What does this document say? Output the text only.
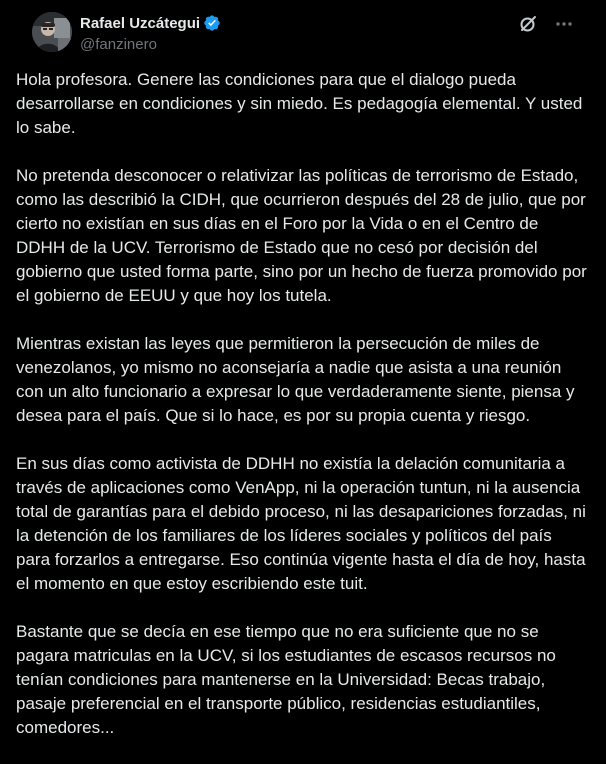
Rafael Uzcátegui
@fanzinero

Hola profesora. Genere las condiciones para que el dialogo pueda desarrollarse en condiciones y sin miedo. Es pedagogía elemental. Y usted lo sabe.

No pretenda desconocer o relativizar las políticas de terrorismo de Estado, como las describió la CIDH, que ocurrieron después del 28 de julio, que por cierto no existían en sus días en el Foro por la Vida o en el Centro de DDHH de la UCV. Terrorismo de Estado que no cesó por decisión del gobierno que usted forma parte, sino por un hecho de fuerza promovido por el gobierno de EEUU y que hoy los tutela.

Mientras existan las leyes que permitieron la persecución de miles de venezolanos, yo mismo no aconsejaría a nadie que asista a una reunión con un alto funcionario a expresar lo que verdaderamente siente, piensa y desea para el país. Que si lo hace, es por su propia cuenta y riesgo.

En sus días como activista de DDHH no existía la delación comunitaria a través de aplicaciones como VenApp, ni la operación tuntun, ni la ausencia total de garantías para el debido proceso, ni las desapariciones forzadas, ni la detención de los familiares de los líderes sociales y políticos del país para forzarlos a entregarse. Eso continúa vigente hasta el día de hoy, hasta el momento en que estoy escribiendo este tuit.

Bastante que se decía en ese tiempo que no era suficiente que no se pagara matriculas en la UCV, si los estudiantes de escasos recursos no tenían condiciones para mantenerse en la Universidad: Becas trabajo, pasaje preferencial en el transporte público, residencias estudiantiles, comedores...
